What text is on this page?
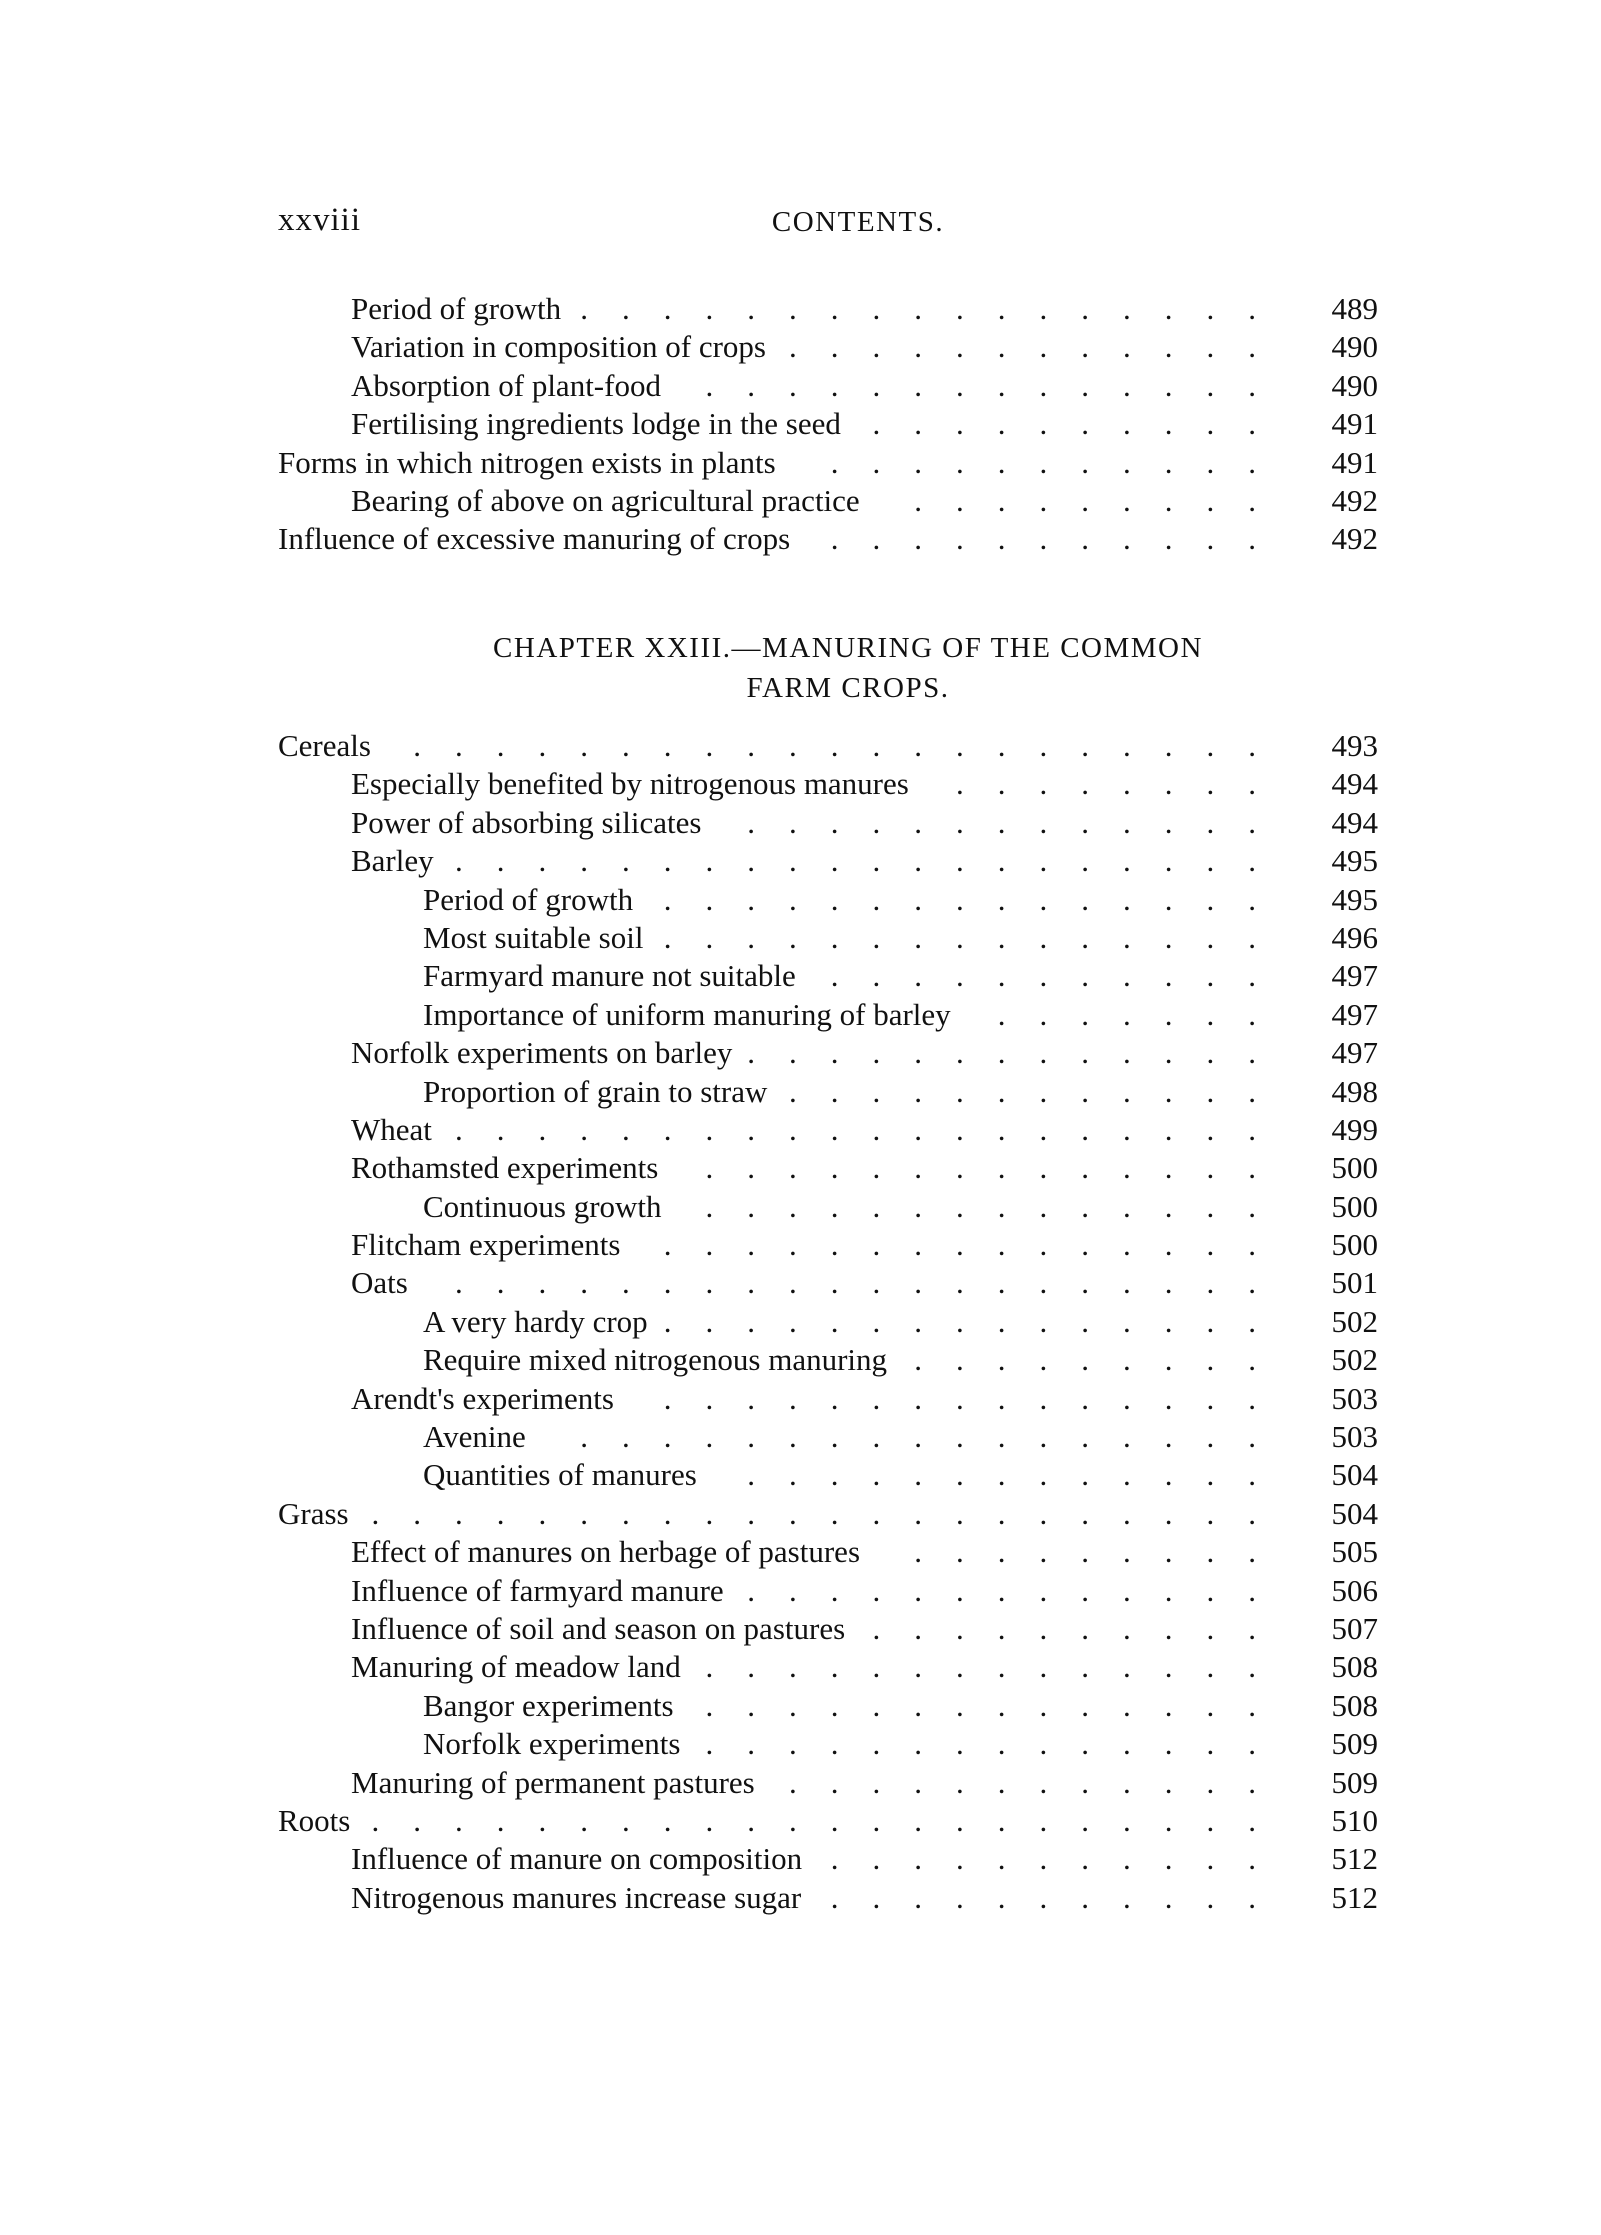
xxviii	CONTENTS.
Period of growth .................	489
Variation in composition of crops ............	490
Absorption of plant-food	..............	490
Fertilising ingredients lodge in the seed	..........	491
Forms in which nitrogen exists in plants	...........	491
Bearing of above on agricultural practice	.........	492
Influence of excessive manuring of crops	...........	492
CHAPTER XXIII.—MANURING OF THE COMMON
FARM CROPS.
Cereals	.....................	493
Especially benefited by nitrogenous manures	........	494
Power of absorbing silicates	.............	494
Barley ....................	495
Period of growth ...............	495
Most suitable soil ...............	496
Farmyard manure not suitable	...........	497
Importance of uniform manuring of barley	.......	497
Norfolk experiments on barley .............	497
Proportion of grain to straw ............	498
Wheat ....................	499
Rothamsted experiments	..............	500
Continuous growth	..............	500
Flitcham experiments	...............	500
Oats	....................	501
A very hardy crop ...............	502
Require mixed nitrogenous manuring .........	502
Arendt's experiments	...............	503
Avenine	.................	503
Quantities of manures	.............	504
Grass ......................	504
Effect of manures on herbage of pastures	.........	505
Influence of farmyard manure .............	506
Influence of soil and season on pastures ..........	507
Manuring of meadow land ..............	508
Bangor experiments	..............	508
Norfolk experiments ..............	509
Manuring of permanent pastures	............	509
Roots ......................	510
Influence of manure on composition ...........	512
Nitrogenous manures increase sugar ...........	512
